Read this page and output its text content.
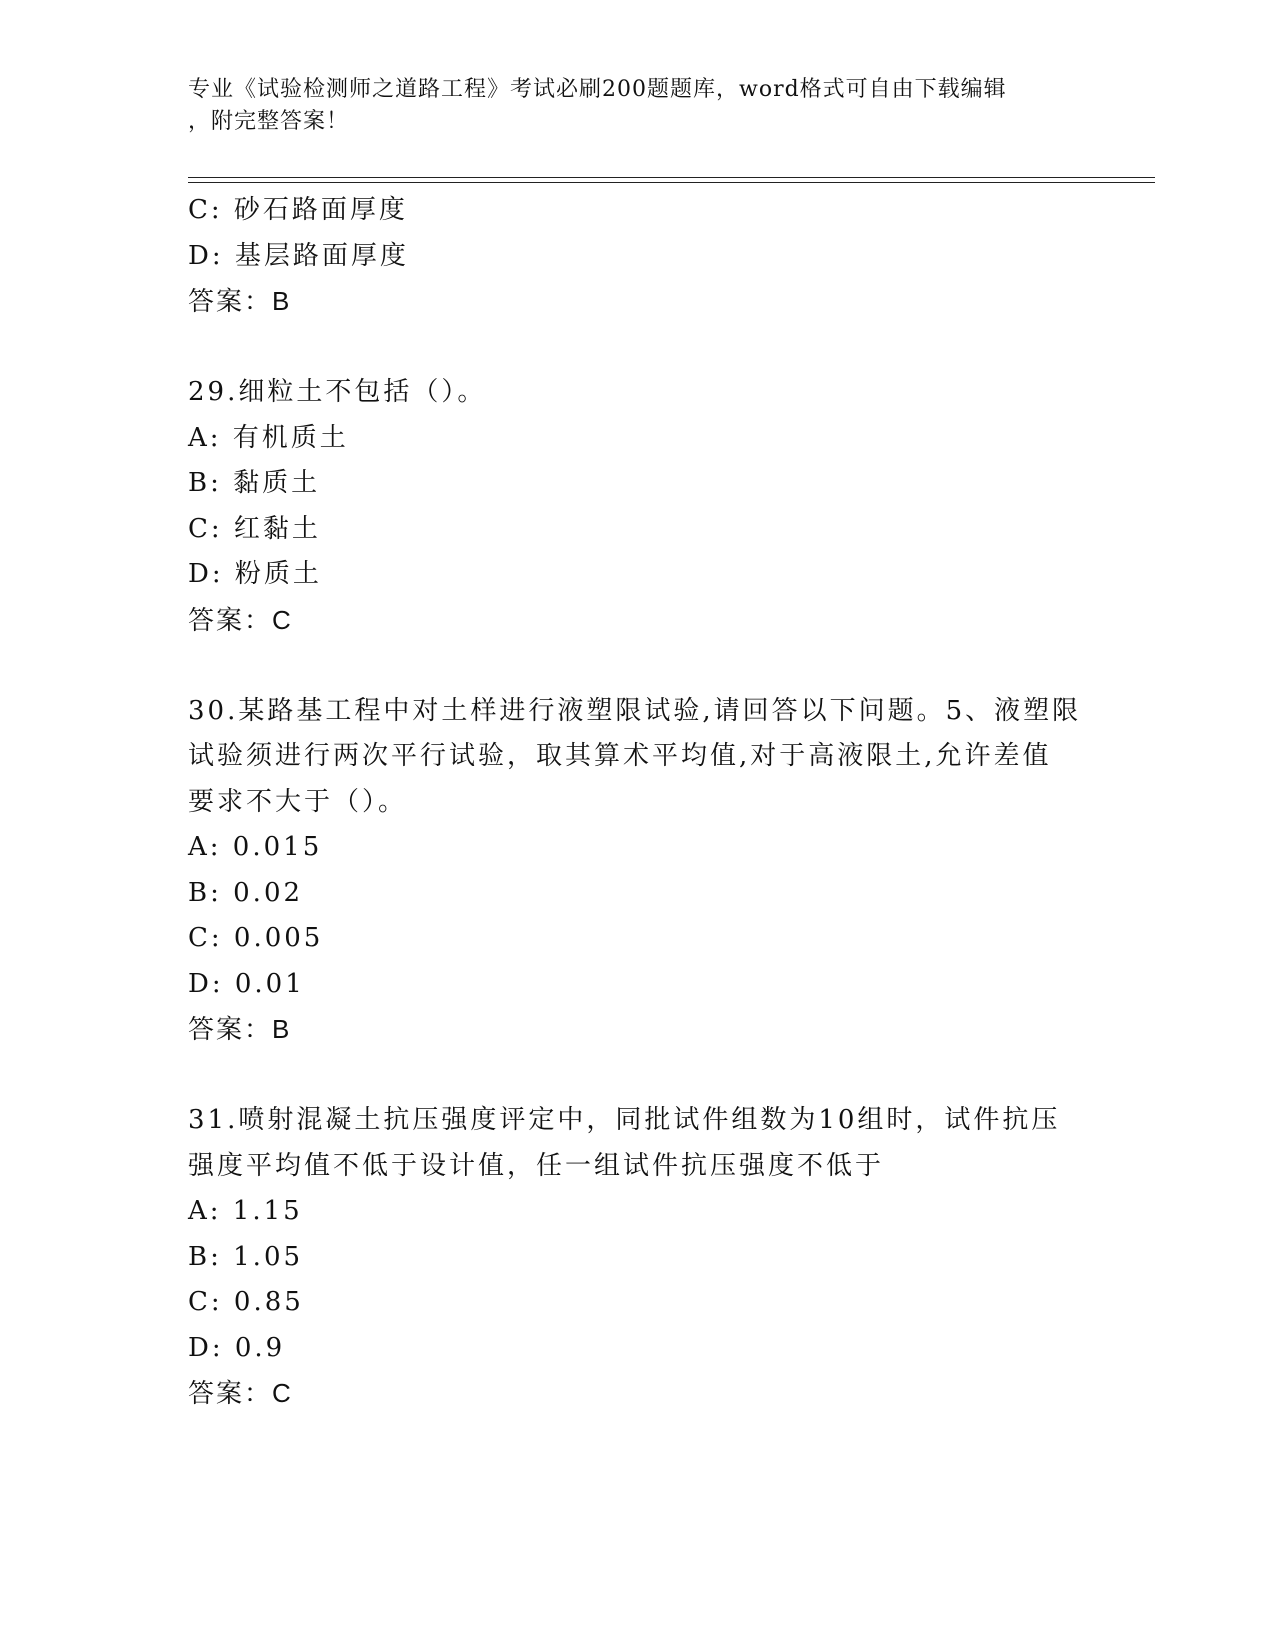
专业《试验检测师之道路工程》考试必刷200题题库，word格式可自由下载编辑
，附完整答案！
C: 砂石路面厚度
D: 基层路面厚度
答案：B
29.细粒土不包括（）。
A: 有机质土
B: 黏质土
C: 红黏土
D: 粉质土
答案：C
30.某路基工程中对土样进行液塑限试验,请回答以下问题。5、液塑限
试验须进行两次平行试验，取其算术平均值,对于高液限土,允许差值
要求不大于（）。
A: 0.015
B: 0.02
C: 0.005
D: 0.01
答案：B
31.喷射混凝土抗压强度评定中，同批试件组数为10组时，试件抗压
强度平均值不低于设计值，任一组试件抗压强度不低于
A: 1.15
B: 1.05
C: 0.85
D: 0.9
答案：C
